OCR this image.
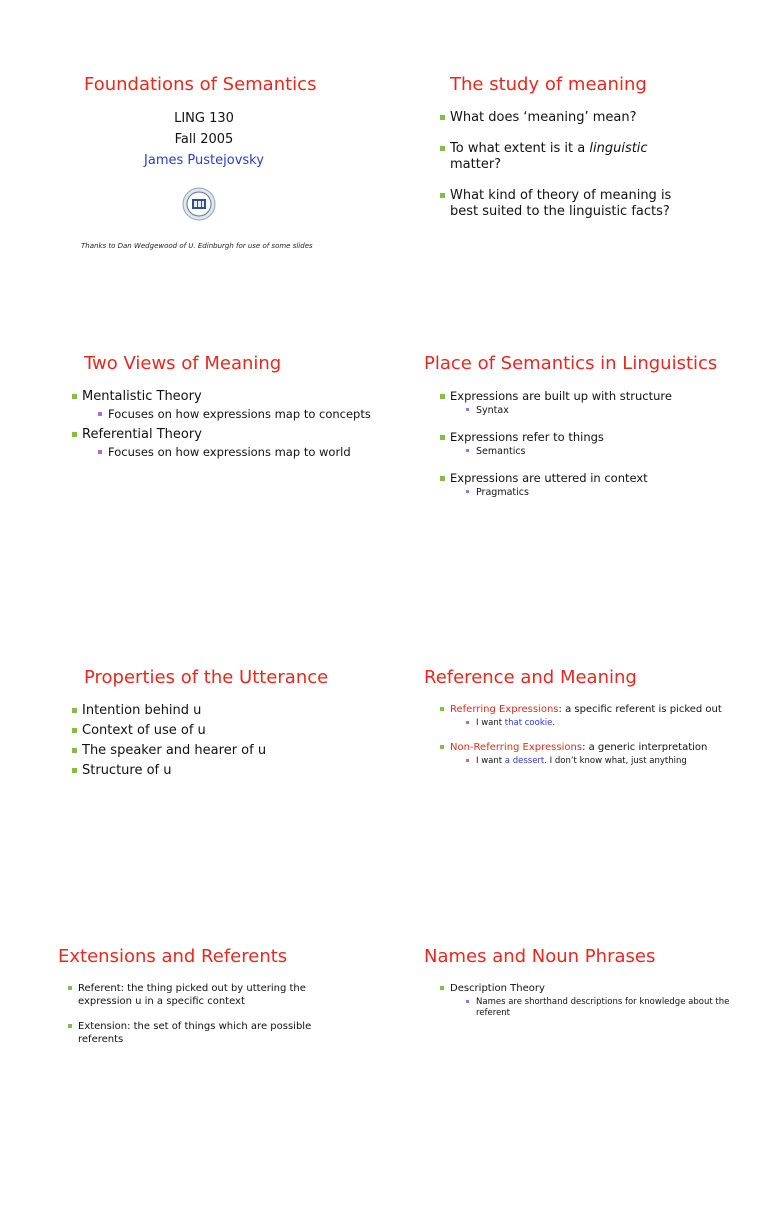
Foundations of Semantics
LING 130
Fall 2005
James Pustejovsky
Thanks to Dan Wedgewood of U. Edinburgh for use of some slides
The study of meaning
What does ‘meaning’ mean?
To what extent is it a linguistic matter?
What kind of theory of meaning is best suited to the linguistic facts?
Two Views of Meaning
Mentalistic Theory
Focuses on how expressions map to concepts
Referential Theory
Focuses on how expressions map to world
Place of Semantics in Linguistics
Expressions are built up with structure
Syntax
Expressions refer to things
Semantics
Expressions are uttered in context
Pragmatics
Properties of the Utterance
Intention behind u
Context of use of u
The speaker and hearer of u
Structure of u
Reference and Meaning
Referring Expressions: a specific referent is picked out
I want that cookie.
Non-Referring Expressions: a generic interpretation
I want a dessert. I don’t know what, just anything
Extensions and Referents
Referent: the thing picked out by uttering the expression u in a specific context
Extension: the set of things which are possible referents
Names and Noun Phrases
Description Theory
Names are shorthand descriptions for knowledge about the referent
